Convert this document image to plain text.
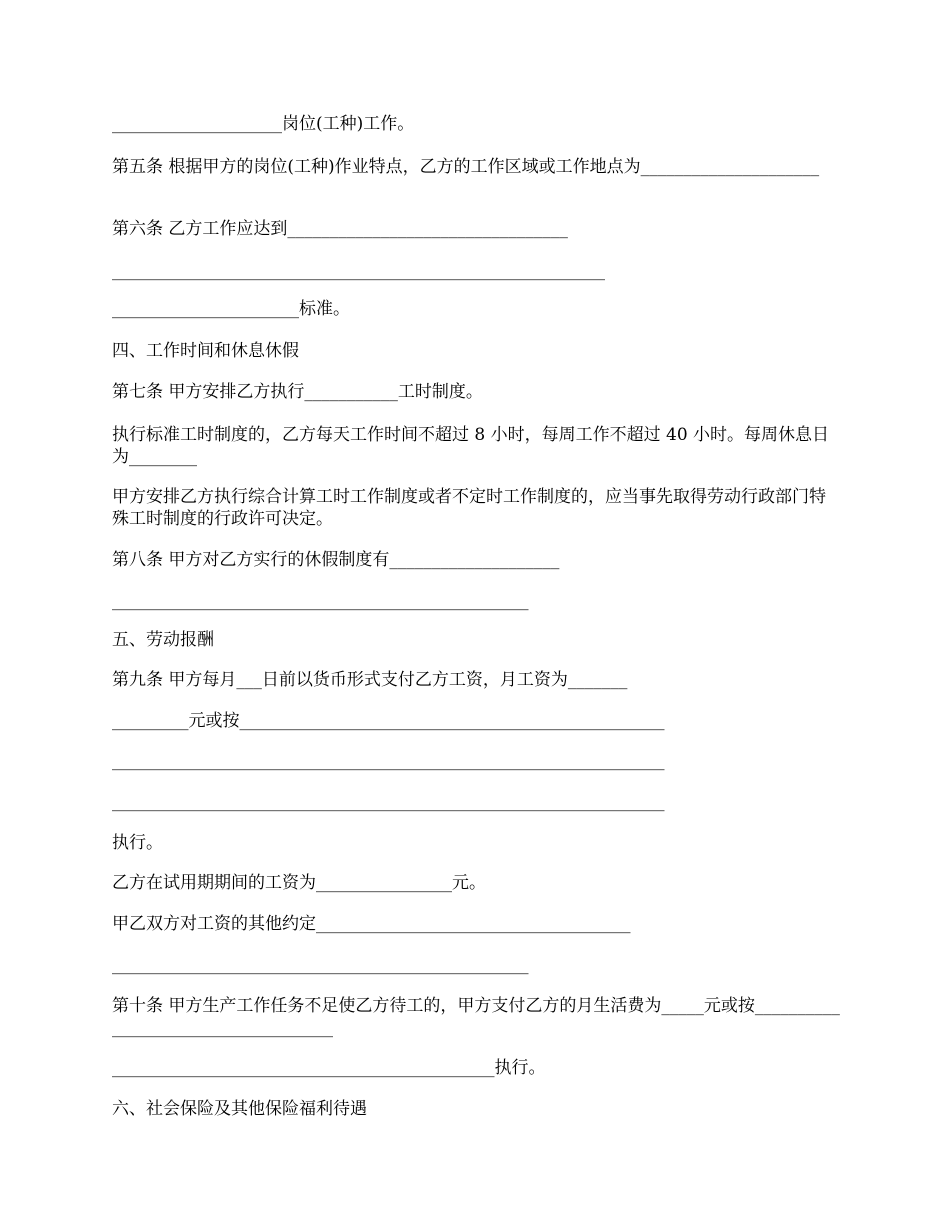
____________________岗位(工种)工作。

第五条 根据甲方的岗位(工种)作业特点，乙方的工作区域或工作地点为_____________________

第六条 乙方工作应达到_________________________________

__________________________________________________________

______________________标准。

四、工作时间和休息休假

第七条 甲方安排乙方执行___________工时制度。

执行标准工时制度的，乙方每天工作时间不超过 8 小时，每周工作不超过 40 小时。每周休息日为________

甲方安排乙方执行综合计算工时工作制度或者不定时工作制度的，应当事先取得劳动行政部门特殊工时制度的行政许可决定。

第八条 甲方对乙方实行的休假制度有____________________

_________________________________________________

五、劳动报酬

第九条 甲方每月___日前以货币形式支付乙方工资，月工资为_______

_________元或按__________________________________________________

_________________________________________________________________

_________________________________________________________________

执行。

乙方在试用期期间的工资为________________元。

甲乙双方对工资的其他约定_____________________________________

_________________________________________________

第十条 甲方生产工作任务不足使乙方待工的，甲方支付乙方的月生活费为_____元或按____________________________________

_____________________________________________执行。

六、社会保险及其他保险福利待遇
